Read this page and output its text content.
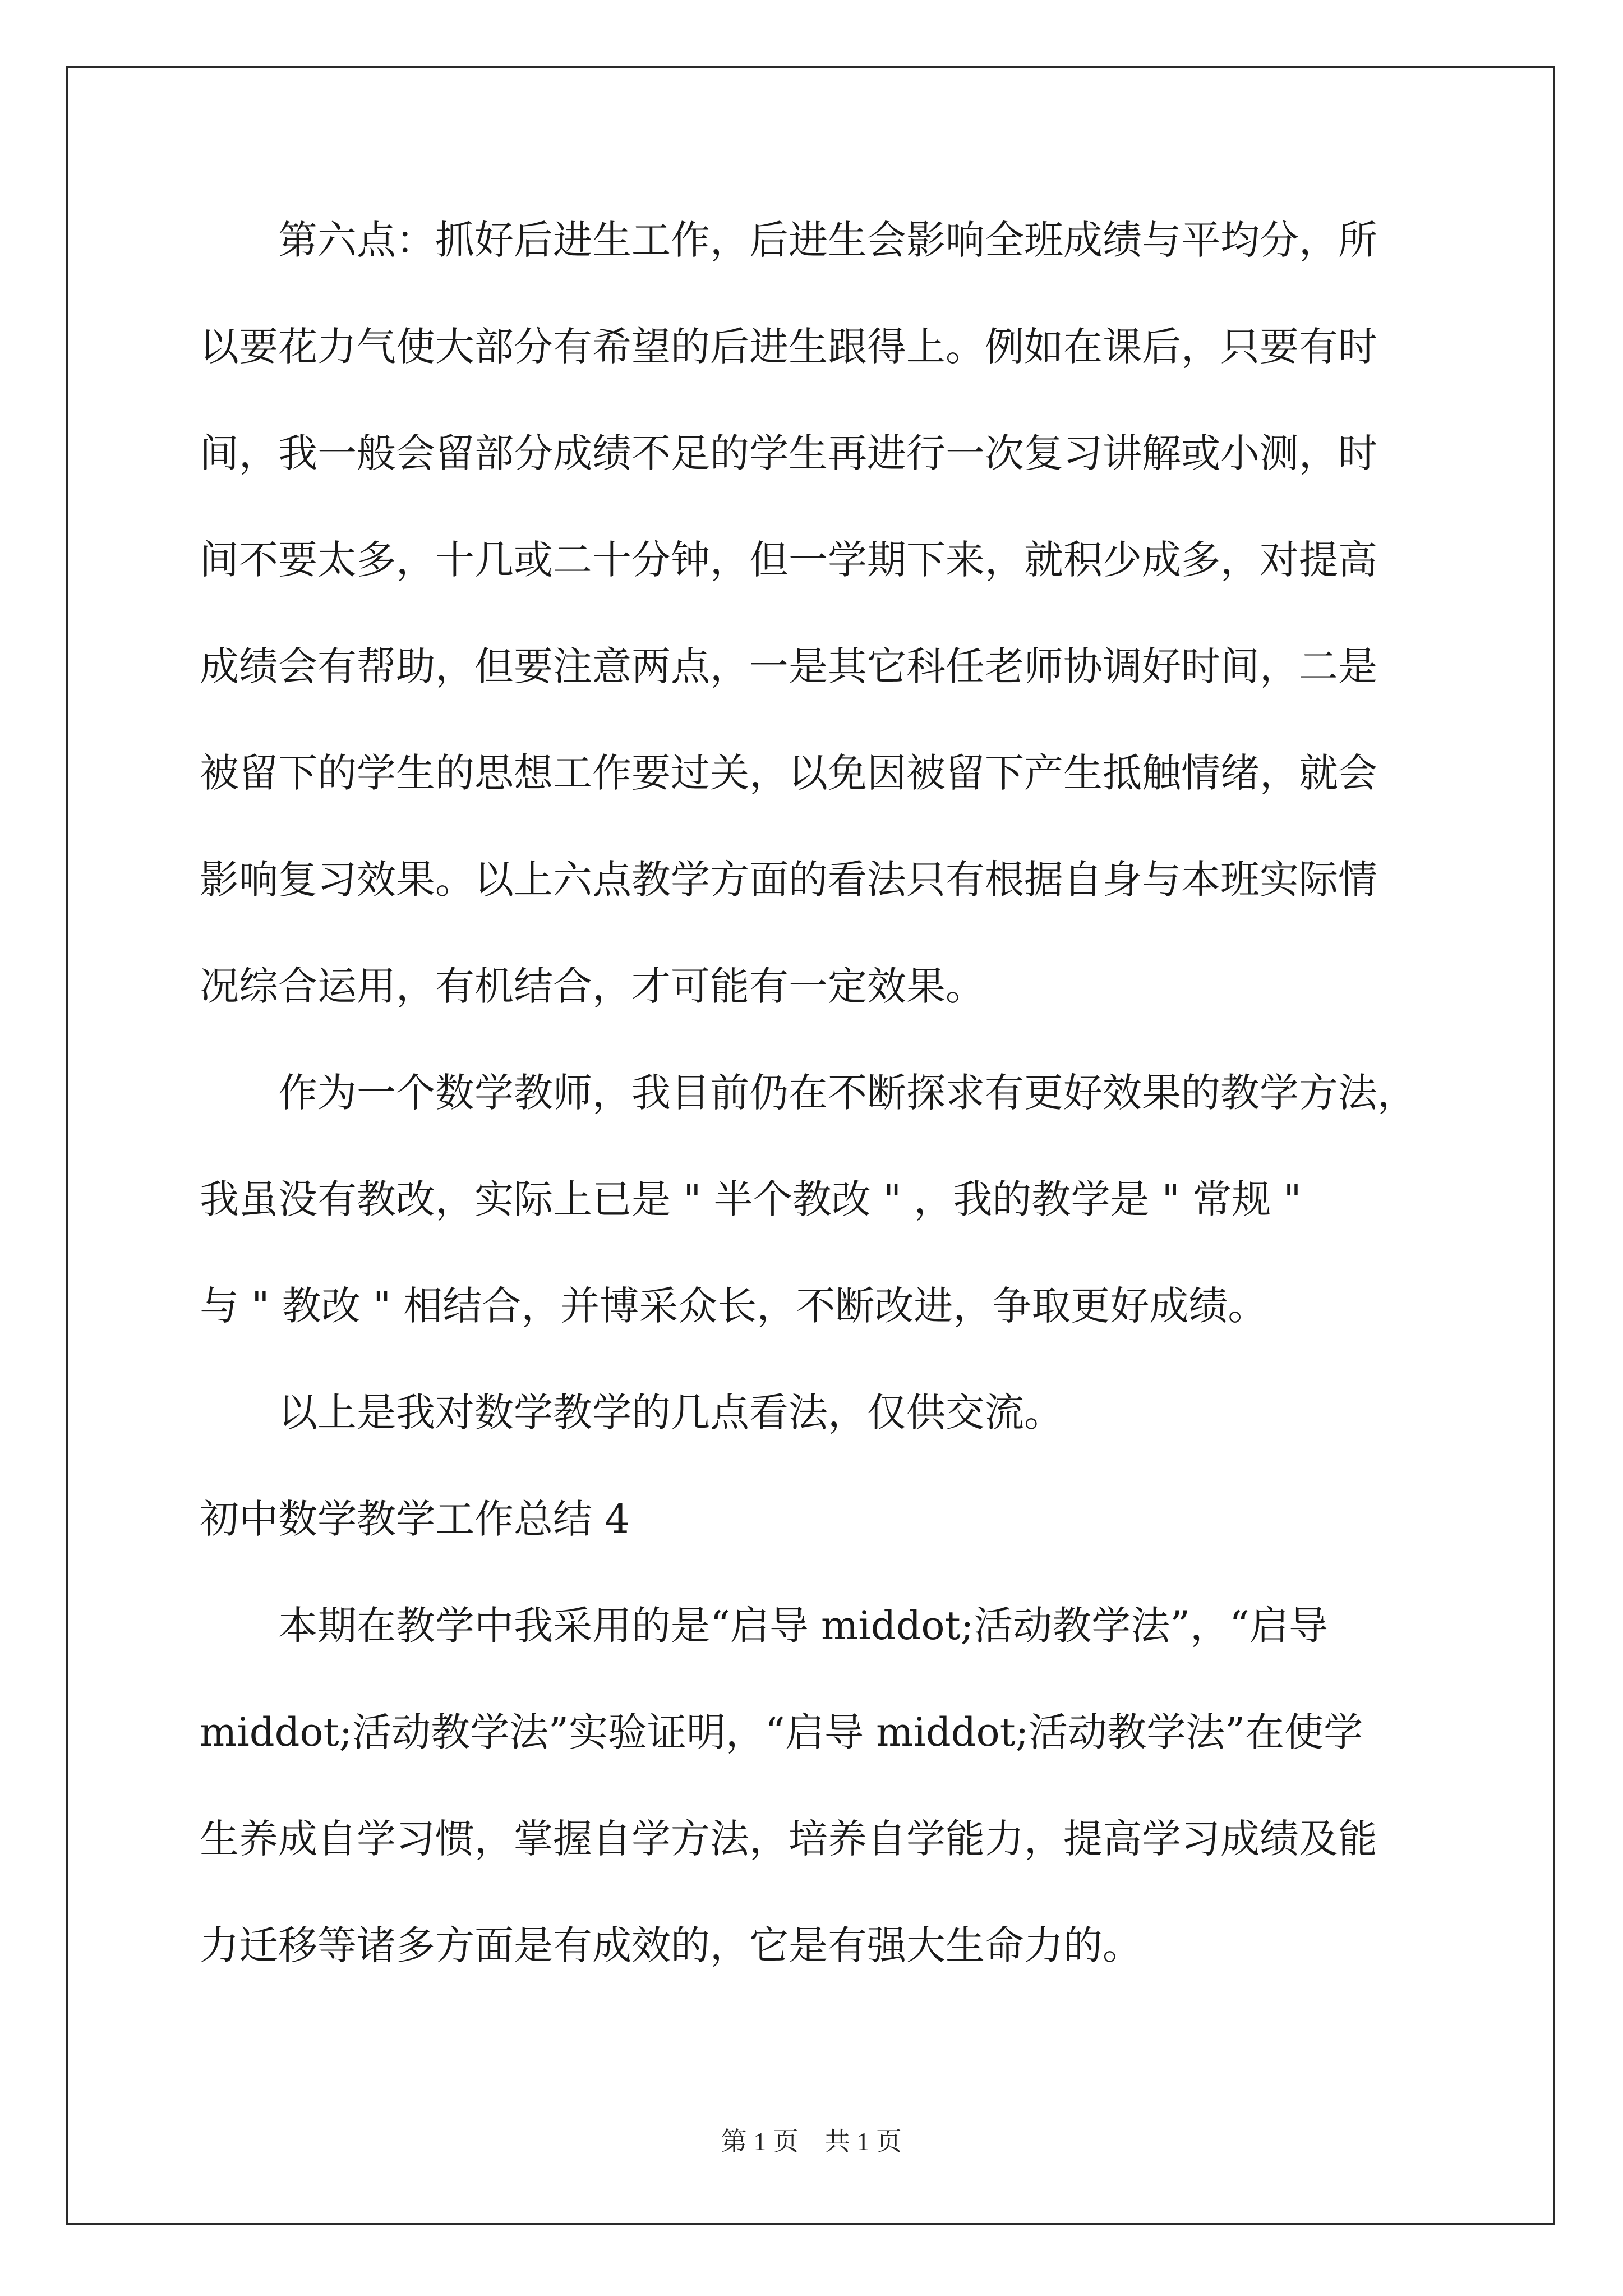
第六点：抓好后进生工作，后进生会影响全班成绩与平均分，所
以要花力气使大部分有希望的后进生跟得上。例如在课后，只要有时
间，我一般会留部分成绩不足的学生再进行一次复习讲解或小测，时
间不要太多，十几或二十分钟，但一学期下来，就积少成多，对提高
成绩会有帮助，但要注意两点，一是其它科任老师协调好时间，二是
被留下的学生的思想工作要过关，以免因被留下产生抵触情绪，就会
影响复习效果。以上六点教学方面的看法只有根据自身与本班实际情
况综合运用，有机结合，才可能有一定效果。
作为一个数学教师，我目前仍在不断探求有更好效果的教学方法，
我虽没有教改，实际上已是 " 半个教改 " ，我的教学是 " 常规 "
与 " 教改 " 相结合，并博采众长，不断改进，争取更好成绩。
以上是我对数学教学的几点看法，仅供交流。
初中数学教学工作总结 4
本期在教学中我采用的是“启导 middot;活动教学法”，“启导
middot;活动教学法”实验证明，“启导 middot;活动教学法”在使学
生养成自学习惯，掌握自学方法，培养自学能力，提高学习成绩及能
力迁移等诸多方面是有成效的，它是有强大生命力的。
第 1 页　共 1 页
